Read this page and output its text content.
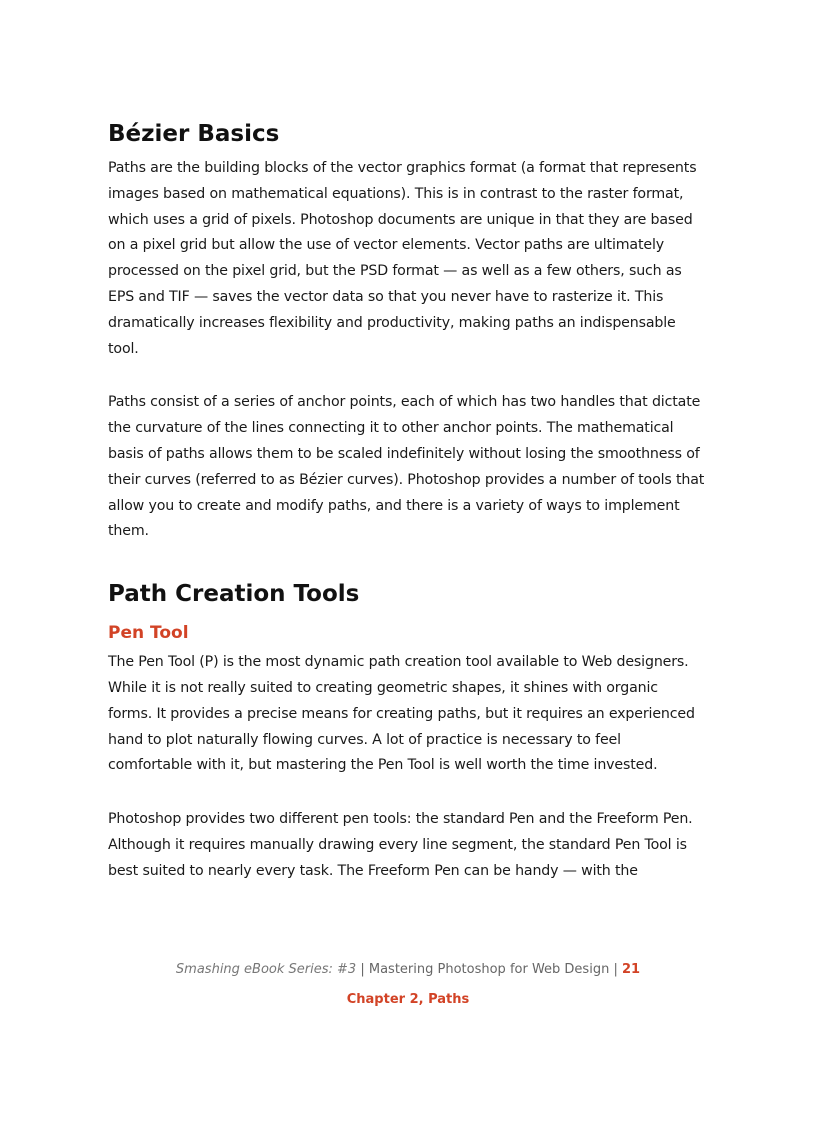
Bézier Basics

Paths are the building blocks of the vector graphics format (a format that represents
images based on mathematical equations). This is in contrast to the raster format,
which uses a grid of pixels. Photoshop documents are unique in that they are based
on a pixel grid but allow the use of vector elements. Vector paths are ultimately
processed on the pixel grid, but the PSD format — as well as a few others, such as
EPS and TIF — saves the vector data so that you never have to rasterize it. This
dramatically increases flexibility and productivity, making paths an indispensable
tool.

Paths consist of a series of anchor points, each of which has two handles that dictate
the curvature of the lines connecting it to other anchor points. The mathematical
basis of paths allows them to be scaled indefinitely without losing the smoothness of
their curves (referred to as Bézier curves). Photoshop provides a number of tools that
allow you to create and modify paths, and there is a variety of ways to implement
them.

Path Creation Tools
Pen Tool

The Pen Tool (P) is the most dynamic path creation tool available to Web designers.
While it is not really suited to creating geometric shapes, it shines with organic
forms. It provides a precise means for creating paths, but it requires an experienced
hand to plot naturally flowing curves. A lot of practice is necessary to feel
comfortable with it, but mastering the Pen Tool is well worth the time invested.

Photoshop provides two different pen tools: the standard Pen and the Freeform Pen.
Although it requires manually drawing every line segment, the standard Pen Tool is
best suited to nearly every task. The Freeform Pen can be handy — with the

Smashing eBook Series: #3 | Mastering Photoshop for Web Design | 21
Chapter 2, Paths
